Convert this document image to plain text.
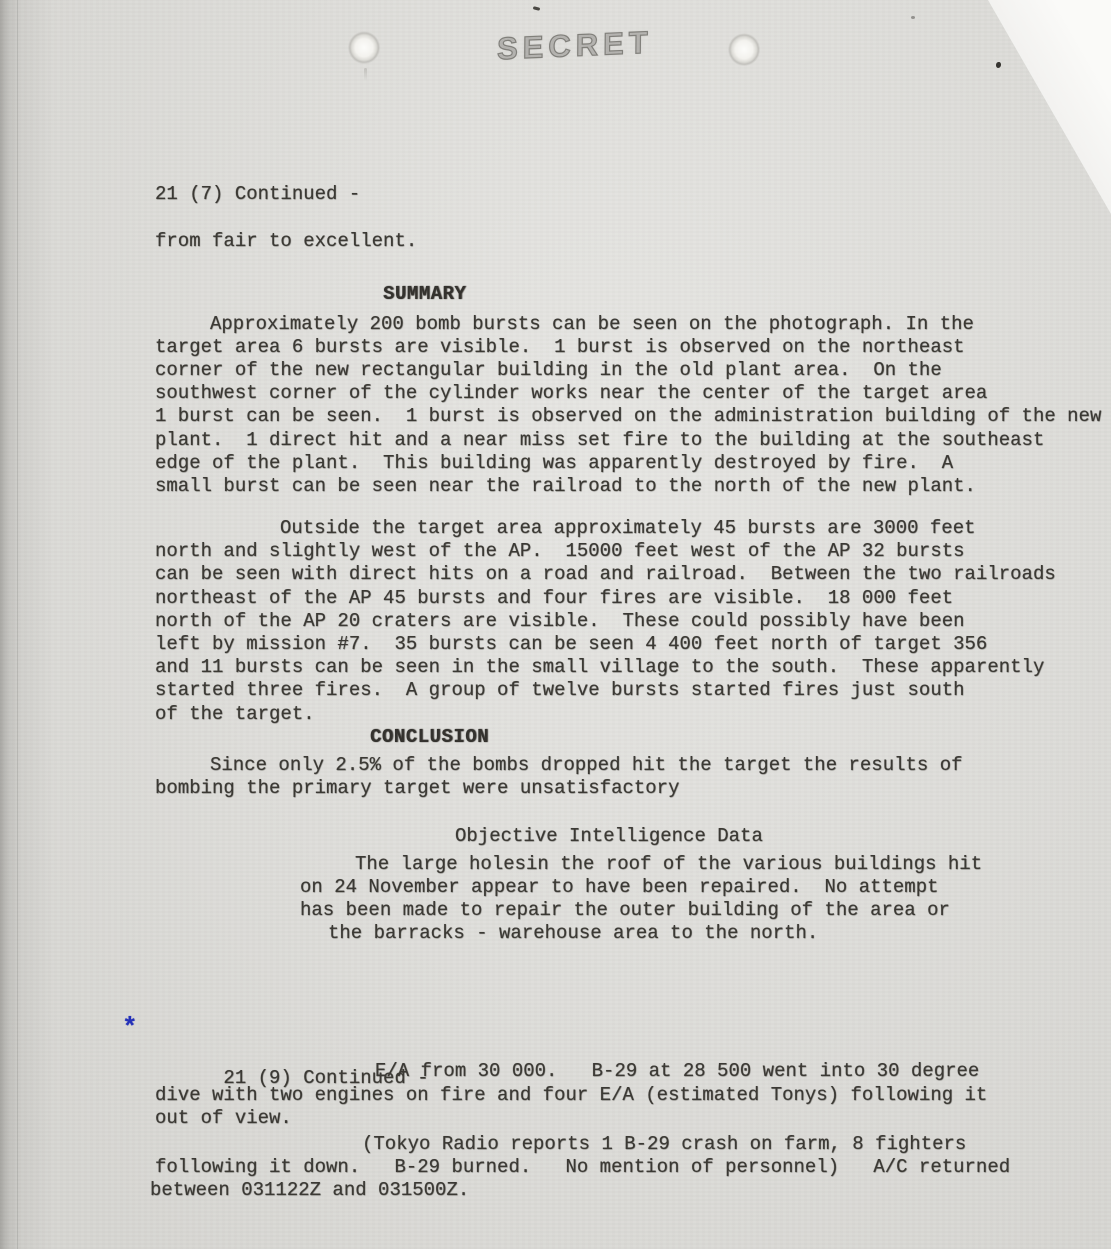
SECRET
21 (7) Continued -
from fair to excellent.
SUMMARY
Approximately 200 bomb bursts can be seen on the photograph. In the
target area 6 bursts are visible.  1 burst is observed on the northeast
corner of the new rectangular building in the old plant area.  On the
southwest corner of the cylinder works near the center of the target area
1 burst can be seen.  1 burst is observed on the administration building of the new
plant.  1 direct hit and a near miss set fire to the building at the southeast
edge of the plant.  This building was apparently destroyed by fire.  A
small burst can be seen near the railroad to the north of the new plant.
Outside the target area approximately 45 bursts are 3000 feet
north and slightly west of the AP.  15000 feet west of the AP 32 bursts
can be seen with direct hits on a road and railroad.  Between the two railroads
northeast of the AP 45 bursts and four fires are visible.  18 000 feet
north of the AP 20 craters are visible.  These could possibly have been
left by mission #7.  35 bursts can be seen 4 400 feet north of target 356
and 11 bursts can be seen in the small village to the south.  These apparently
started three fires.  A group of twelve bursts started fires just south
of the target.
CONCLUSION
Since only 2.5% of the bombs dropped hit the target the results of
bombing the primary target were unsatisfactory
Objective Intelligence Data
The large holesin the roof of the various buildings hit
on 24 November appear to have been repaired.  No attempt
has been made to repair the outer building of the area or
the barracks - warehouse area to the north.

*

21 (9) Continued -

E/A from 30 000.   B-29 at 28 500 went into 30 degree
dive with two engines on fire and four E/A (estimated Tonys) following it
out of view.
(Tokyo Radio reports 1 B-29 crash on farm, 8 fighters
following it down.   B-29 burned.   No mention of personnel)   A/C returned
between 031122Z and 031500Z.
